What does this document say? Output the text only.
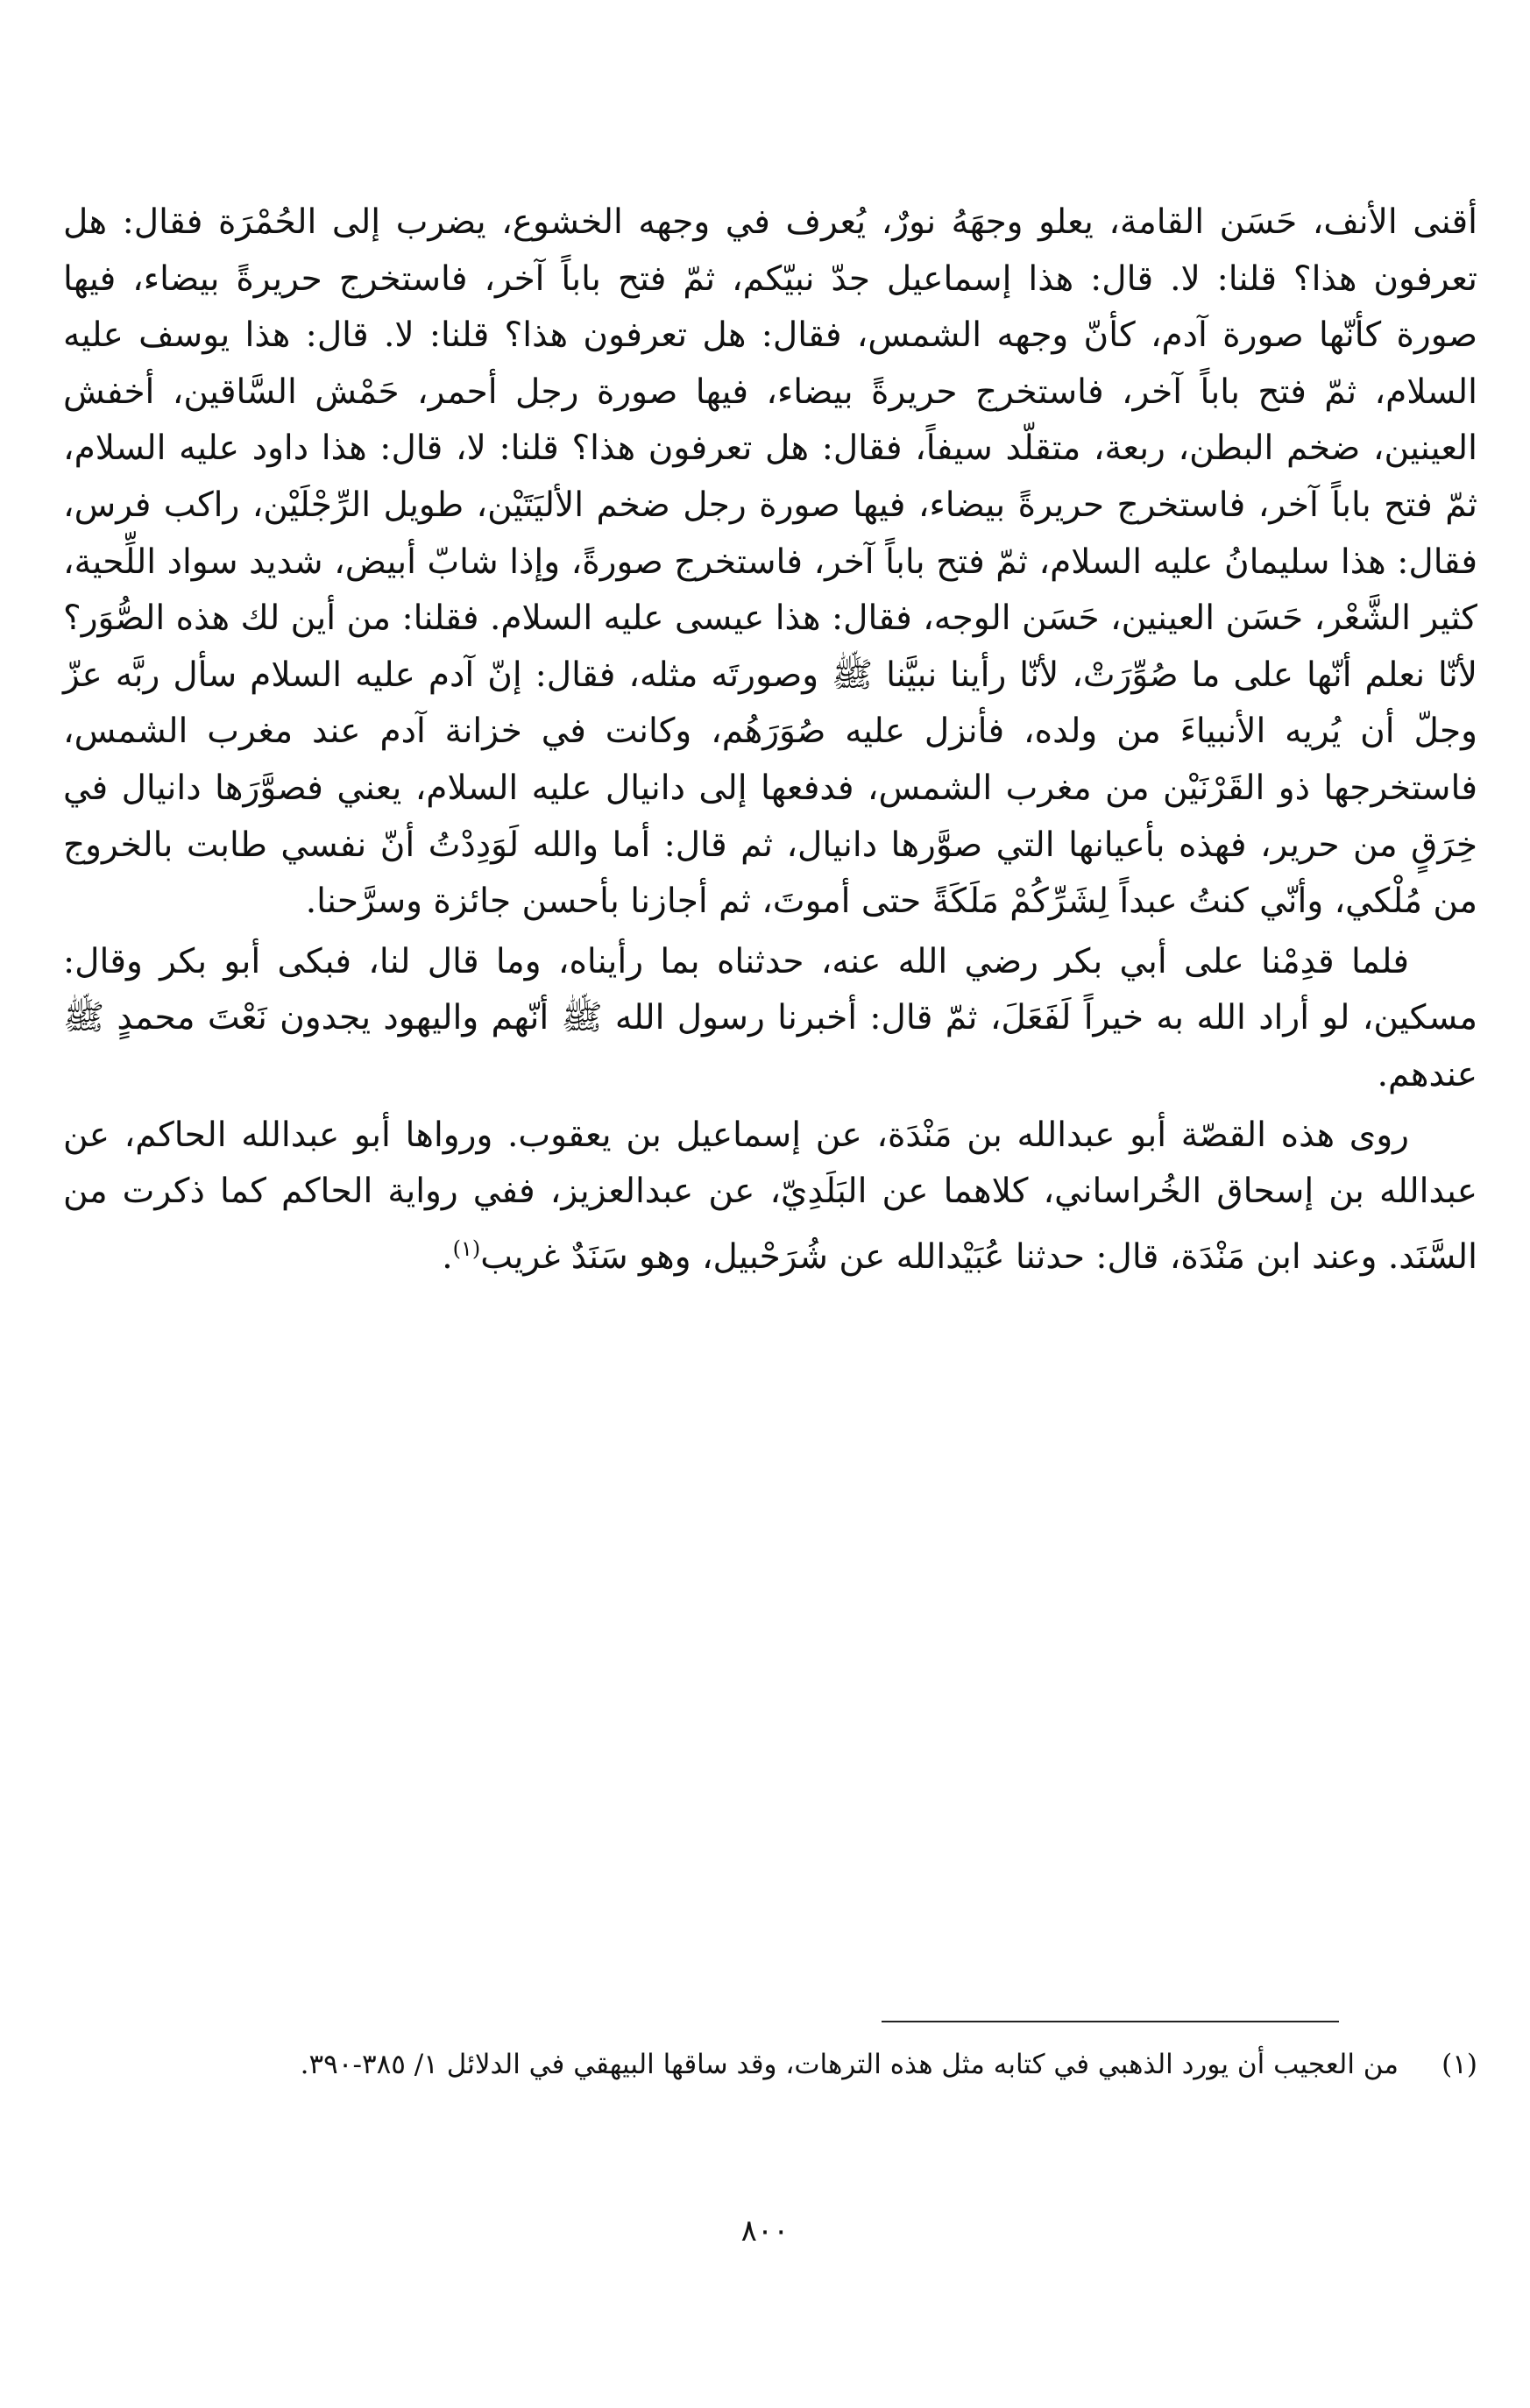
أقنى الأنف، حَسَن القامة، يعلو وجهَهُ نورٌ، يُعرف في وجهه الخشوع، يضرب إلى الحُمْرَة فقال: هل تعرفون هذا؟ قلنا: لا. قال: هذا إسماعيل جدّ نبيّكم، ثمّ فتح باباً آخر، فاستخرج حريرةً بيضاء، فيها صورة كأنّها صورة آدم، كأنّ وجهه الشمس، فقال: هل تعرفون هذا؟ قلنا: لا. قال: هذا يوسف عليه السلام، ثمّ فتح باباً آخر، فاستخرج حريرةً بيضاء، فيها صورة رجل أحمر، حَمْش السَّاقين، أخفش العينين، ضخم البطن، ربعة، متقلّد سيفاً، فقال: هل تعرفون هذا؟ قلنا: لا، قال: هذا داود عليه السلام، ثمّ فتح باباً آخر، فاستخرج حريرةً بيضاء، فيها صورة رجل ضخم الأليَتَيْن، طويل الرِّجْلَيْن، راكب فرس، فقال: هذا سليمانُ عليه السلام، ثمّ فتح باباً آخر، فاستخرج صورةً، وإذا شابّ أبيض، شديد سواد اللِّحية، كثير الشَّعْر، حَسَن العينين، حَسَن الوجه، فقال: هذا عيسى عليه السلام. فقلنا: من أين لك هذه الصُّوَر؟ لأنّا نعلم أنّها على ما صُوِّرَتْ، لأنّا رأينا نبيَّنا ﷺ وصورتَه مثله، فقال: إنّ آدم عليه السلام سأل ربَّه عزّ وجلّ أن يُريه الأنبياءَ من ولده، فأنزل عليه صُوَرَهُم، وكانت في خزانة آدم عند مغرب الشمس، فاستخرجها ذو القَرْنَيْن من مغرب الشمس، فدفعها إلى دانيال عليه السلام، يعني فصوَّرَها دانيال في خِرَقٍ من حرير، فهذه بأعيانها التي صوَّرها دانيال، ثم قال: أما والله لَوَدِدْتُ أنّ نفسي طابت بالخروج من مُلْكي، وأنّي كنتُ عبداً لِشَرِّكُمْ مَلَكَةً حتى أموتَ، ثم أجازنا بأحسن جائزة وسرَّحنا.

فلما قدِمْنا على أبي بكر رضي الله عنه، حدثناه بما رأيناه، وما قال لنا، فبكى أبو بكر وقال: مسكين، لو أراد الله به خيراً لَفَعَلَ، ثمّ قال: أخبرنا رسول الله ﷺ أنّهم واليهود يجدون نَعْتَ محمدٍ ﷺ عندهم.

روى هذه القصّة أبو عبدالله بن مَنْدَة، عن إسماعيل بن يعقوب. ورواها أبو عبدالله الحاكم، عن عبدالله بن إسحاق الخُراساني، كلاهما عن البَلَدِيّ، عن عبدالعزيز، ففي رواية الحاكم كما ذكرت من السَّنَد. وعند ابن مَنْدَة، قال: حدثنا عُبَيْدالله عن شُرَحْبيل، وهو سَنَدٌ غريب$^{(١)}$.

(١)
من العجيب أن يورد الذهبي في كتابه مثل هذه الترهات، وقد ساقها البيهقي في الدلائل ١/ ٣٨٥-٣٩٠.
٨٠٠
